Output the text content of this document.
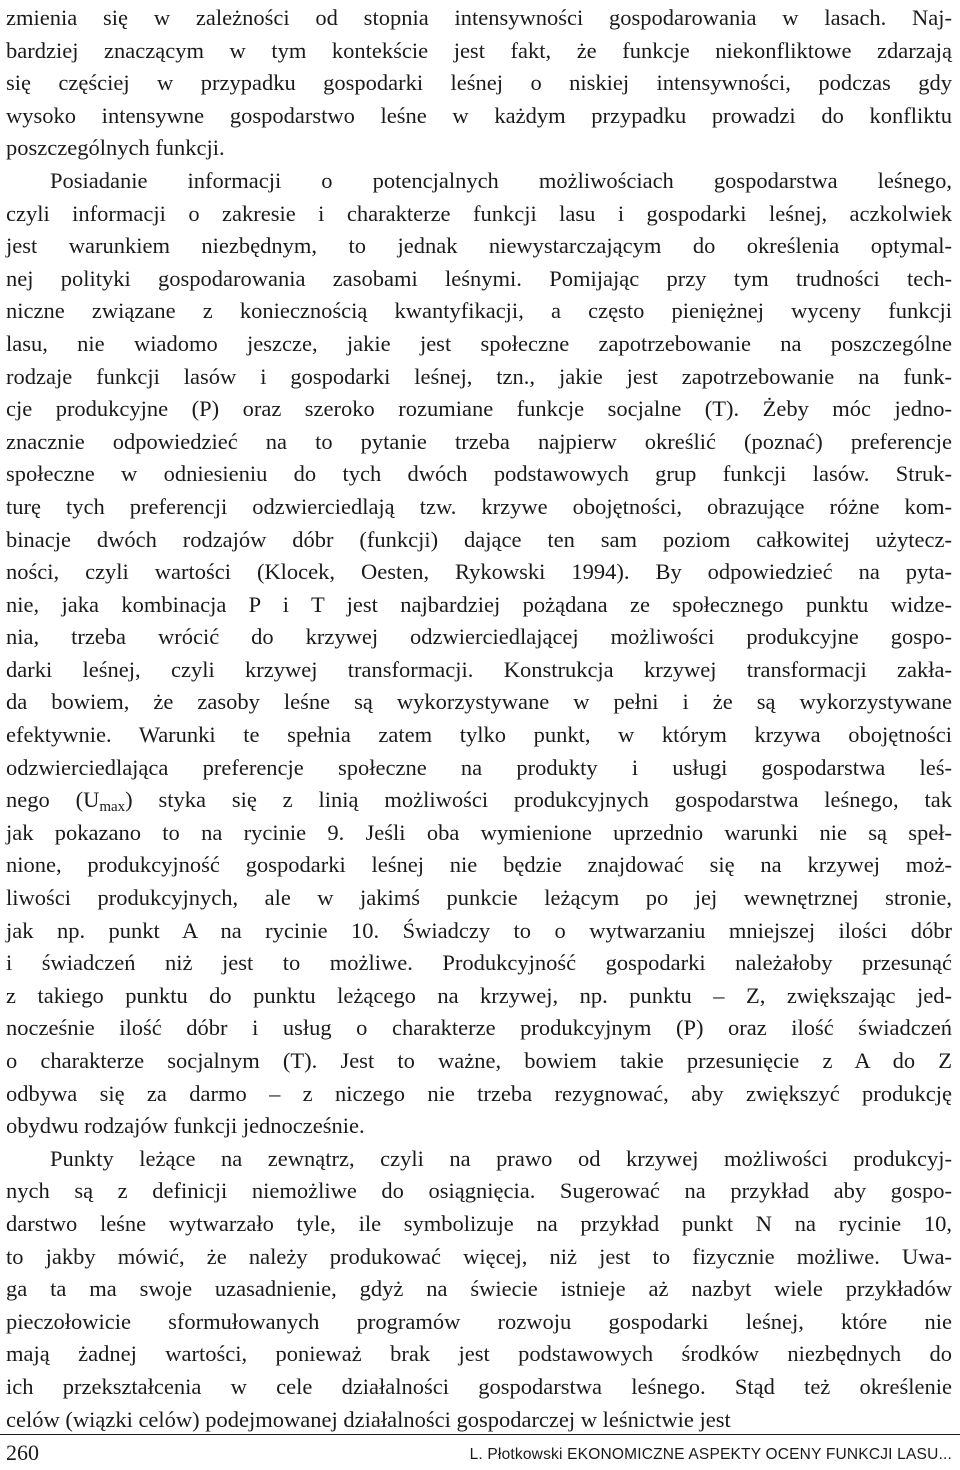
zmienia się w zależności od stopnia intensywności gospodarowania w lasach. Naj-
bardziej znaczącym w tym kontekście jest fakt, że funkcje niekonfliktowe zdarzają
się częściej w przypadku gospodarki leśnej o niskiej intensywności, podczas gdy
wysoko intensywne gospodarstwo leśne w każdym przypadku prowadzi do konfliktu
poszczególnych funkcji.

Posiadanie informacji o potencjalnych możliwościach gospodarstwa leśnego,
czyli informacji o zakresie i charakterze funkcji lasu i gospodarki leśnej, aczkolwiek
jest warunkiem niezbędnym, to jednak niewystarczającym do określenia optymal-
nej polityki gospodarowania zasobami leśnymi. Pomijając przy tym trudności tech-
niczne związane z koniecznością kwantyfikacji, a często pieniężnej wyceny funkcji
lasu, nie wiadomo jeszcze, jakie jest społeczne zapotrzebowanie na poszczególne
rodzaje funkcji lasów i gospodarki leśnej, tzn., jakie jest zapotrzebowanie na funk-
cje produkcyjne (P) oraz szeroko rozumiane funkcje socjalne (T). Żeby móc jedno-
znacznie odpowiedzieć na to pytanie trzeba najpierw określić (poznać) preferencje
społeczne w odniesieniu do tych dwóch podstawowych grup funkcji lasów. Struk-
turę tych preferencji odzwierciedlają tzw. krzywe obojętności, obrazujące różne kom-
binacje dwóch rodzajów dóbr (funkcji) dające ten sam poziom całkowitej użytecz-
ności, czyli wartości (Klocek, Oesten, Rykowski 1994). By odpowiedzieć na pyta-
nie, jaka kombinacja P i T jest najbardziej pożądana ze społecznego punktu widze-
nia, trzeba wrócić do krzywej odzwierciedlającej możliwości produkcyjne gospo-
darki leśnej, czyli krzywej transformacji. Konstrukcja krzywej transformacji zakła-
da bowiem, że zasoby leśne są wykorzystywane w pełni i że są wykorzystywane
efektywnie. Warunki te spełnia zatem tylko punkt, w którym krzywa obojętności
odzwierciedlająca preferencje społeczne na produkty i usługi gospodarstwa leś-
nego $(U_{max})$ styka się z linią możliwości produkcyjnych gospodarstwa leśnego, tak
jak pokazano to na rycinie 9. Jeśli oba wymienione uprzednio warunki nie są speł-
nione, produkcyjność gospodarki leśnej nie będzie znajdować się na krzywej moż-
liwości produkcyjnych, ale w jakimś punkcie leżącym po jej wewnętrznej stronie,
jak np. punkt A na rycinie 10. Świadczy to o wytwarzaniu mniejszej ilości dóbr
i świadczeń niż jest to możliwe. Produkcyjność gospodarki należałoby przesunąć
z takiego punktu do punktu leżącego na krzywej, np. punktu – Z, zwiększając jed-
nocześnie ilość dóbr i usług o charakterze produkcyjnym (P) oraz ilość świadczeń
o charakterze socjalnym (T). Jest to ważne, bowiem takie przesunięcie z A do Z
odbywa się za darmo – z niczego nie trzeba rezygnować, aby zwiększyć produkcję
obydwu rodzajów funkcji jednocześnie.

Punkty leżące na zewnątrz, czyli na prawo od krzywej możliwości produkcyj-
nych są z definicji niemożliwe do osiągnięcia. Sugerować na przykład aby gospo-
darstwo leśne wytwarzało tyle, ile symbolizuje na przykład punkt N na rycinie 10,
to jakby mówić, że należy produkować więcej, niż jest to fizycznie możliwe. Uwa-
ga ta ma swoje uzasadnienie, gdyż na świecie istnieje aż nazbyt wiele przykładów
pieczołowicie sformułowanych programów rozwoju gospodarki leśnej, które nie
mają żadnej wartości, ponieważ brak jest podstawowych środków niezbędnych do
ich przekształcenia w cele działalności gospodarstwa leśnego. Stąd też określenie
celów (wiązki celów) podejmowanej działalności gospodarczej w leśnictwie jest

260	L. Płotkowski EKONOMICZNE ASPEKTY OCENY FUNKCJI LASU...
